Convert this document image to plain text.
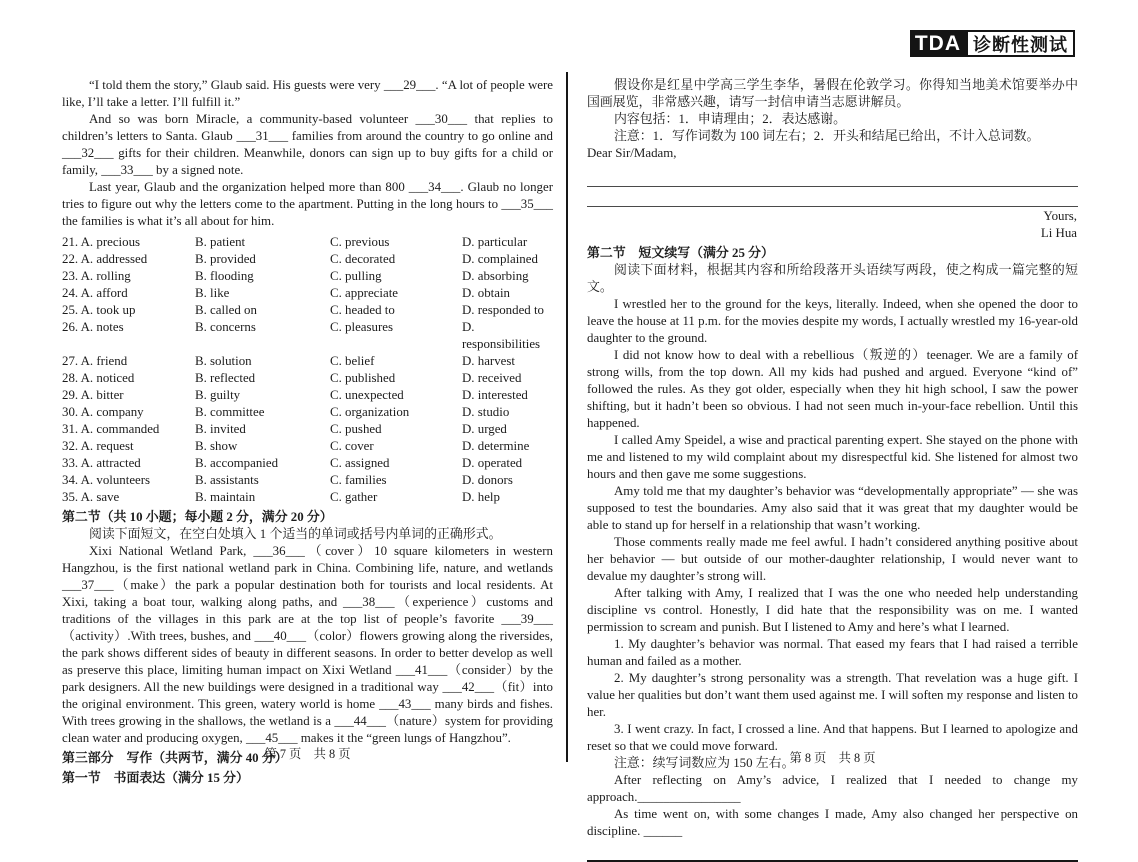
TDA 诊断性测试

“I told them the story,” Glaub said. His guests were very ___29___. “A lot of people were like, I’ll take a letter. I’ll fulfill it.”

And so was born Miracle, a community-based volunteer ___30___ that replies to children’s letters to Santa. Glaub ___31___ families from around the country to go online and ___32___ gifts for their children. Meanwhile, donors can sign up to buy gifts for a child or family, ___33___ by a signed note.

Last year, Glaub and the organization helped more than 800 ___34___. Glaub no longer tries to figure out why the letters come to the apartment. Putting in the long hours to ___35___ the families is what it’s all about for him.

21. A. precious	B. patient	C. previous	D. particular
22. A. addressed	B. provided	C. decorated	D. complained
23. A. rolling	B. flooding	C. pulling	D. absorbing
24. A. afford	B. like	C. appreciate	D. obtain
25. A. took up	B. called on	C. headed to	D. responded to
26. A. notes	B. concerns	C. pleasures	D. responsibilities
27. A. friend	B. solution	C. belief	D. harvest
28. A. noticed	B. reflected	C. published	D. received
29. A. bitter	B. guilty	C. unexpected	D. interested
30. A. company	B. committee	C. organization	D. studio
31. A. commanded	B. invited	C. pushed	D. urged
32. A. request	B. show	C. cover	D. determine
33. A. attracted	B. accompanied	C. assigned	D. operated
34. A. volunteers	B. assistants	C. families	D. donors
35. A. save	B. maintain	C. gather	D. help

第二节（共 10 小题；每小题 2 分，满分 20 分）

阅读下面短文，在空白处填入 1 个适当的单词或括号内单词的正确形式。

Xixi National Wetland Park, ___36___（cover）10 square kilometers in western Hangzhou, is the first national wetland park in China. Combining life, nature, and wetlands ___37___（make）the park a popular destination both for tourists and local residents. At Xixi, taking a boat tour, walking along paths, and ___38___（experience）customs and traditions of the villages in this park are at the top list of people’s favorite ___39___（activity）.With trees, bushes, and ___40___（color）flowers growing along the riversides, the park shows different sides of beauty in different seasons. In order to better develop as well as preserve this place, limiting human impact on Xixi Wetland ___41___（consider）by the park designers. All the new buildings were designed in a traditional way ___42___（fit）into the original environment. This green, watery world is home ___43___ many birds and fishes. With trees growing in the shallows, the wetland is a ___44___（nature）system for providing clean water and producing oxygen, ___45___ makes it the “green lungs of Hangzhou”.

第三部分　写作（共两节，满分 40 分）

第一节　书面表达（满分 15 分）

假设你是红星中学高三学生李华，暑假在伦敦学习。你得知当地美术馆要举办中国画展览，非常感兴趣，请写一封信申请当志愿讲解员。

内容包括：1．申请理由；2．表达感谢。

注意：1．写作词数为 100 词左右；2．开头和结尾已给出，不计入总词数。

Dear Sir/Madam,

Yours,

Li Hua

第二节　短文续写（满分 25 分）

阅读下面材料，根据其内容和所给段落开头语续写两段，使之构成一篇完整的短文。

I wrestled her to the ground for the keys, literally. Indeed, when she opened the door to leave the house at 11 p.m. for the movies despite my words, I actually wrestled my 16-year-old daughter to the ground.

I did not know how to deal with a rebellious（叛逆的）teenager. We are a family of strong wills, from the top down. All my kids had pushed and argued. Everyone “kind of” followed the rules. As they got older, especially when they hit high school, I saw the power shifting, but it hadn’t been so obvious. I had not seen much in-your-face rebellion. Until this happened.

I called Amy Speidel, a wise and practical parenting expert. She stayed on the phone with me and listened to my wild complaint about my disrespectful kid. She listened for almost two hours and then gave me some suggestions.

Amy told me that my daughter’s behavior was “developmentally appropriate” — she was supposed to test the boundaries. Amy also said that it was great that my daughter would be able to stand up for herself in a relationship that wasn’t working.

Those comments really made me feel awful. I hadn’t considered anything positive about her behavior — but outside of our mother-daughter relationship, I would never want to devalue my daughter’s strong will.

After talking with Amy, I realized that I was the one who needed help understanding discipline vs control. Honestly, I did hate that the responsibility was on me. I wanted permission to scream and punish. But I listened to Amy and here’s what I learned.

1. My daughter’s behavior was normal. That eased my fears that I had raised a terrible human and failed as a mother.

2. My daughter’s strong personality was a strength. That revelation was a huge gift. I value her qualities but don’t want them used against me. I will soften my response and listen to her.

3. I went crazy. In fact, I crossed a line. And that happens. But I learned to apologize and reset so that we could move forward.

注意：续写词数应为 150 左右。

After reflecting on Amy’s advice, I realized that I needed to change my approach.________________

As time went on, with some changes I made, Amy also changed her perspective on discipline. ______

第 7 页　共 8 页	第 8 页　共 8 页
